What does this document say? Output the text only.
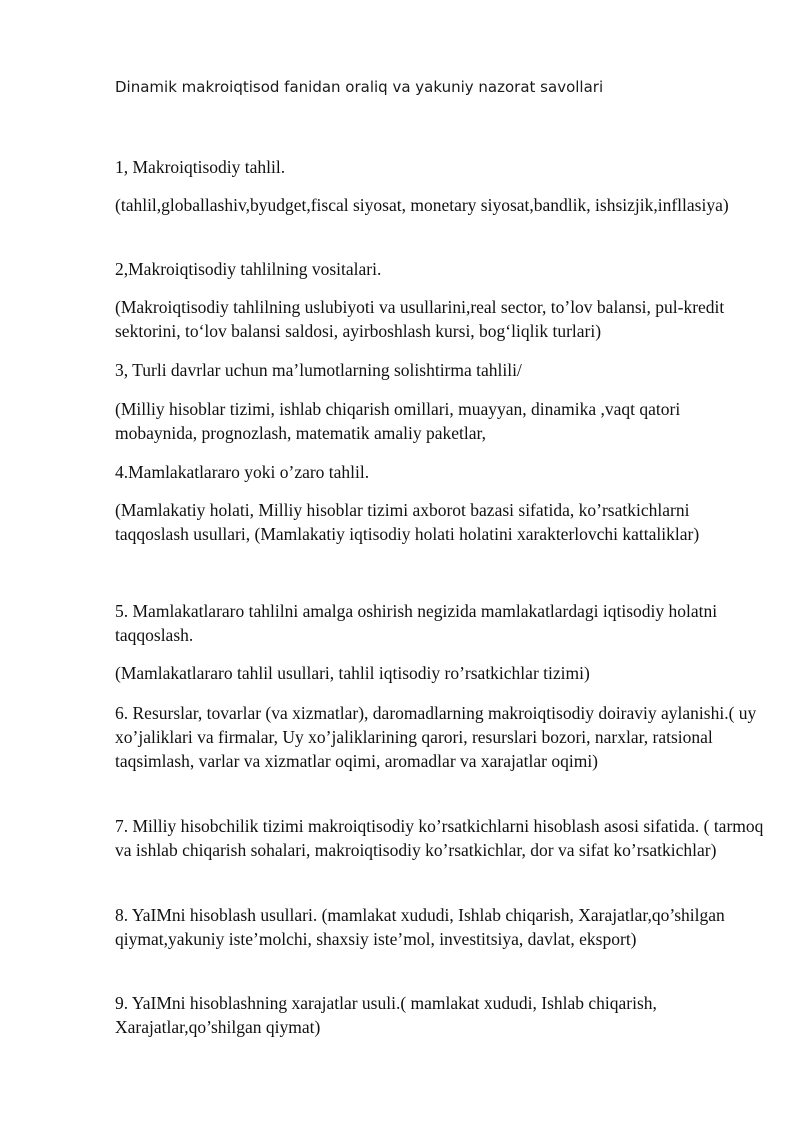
Dinamik makroiqtisod fanidan oraliq va yakuniy nazorat savollari

1, Makroiqtisodiy tahlil.

(tahlil,globallashiv,byudget,fiscal siyosat, monetary siyosat,bandlik, ishsizjik,infllasiya)

2,Makroiqtisodiy tahlilning vositalari.

(Makroiqtisodiy tahlilning uslubiyoti va usullarini,real sector, to’lov balansi, pul-kredit sektorini, to‘lov balansi saldosi, ayirboshlash kursi, bog‘liqlik turlari)

3, Turli davrlar uchun ma’lumotlarning solishtirma tahlili/

(Milliy hisoblar tizimi, ishlab chiqarish omillari, muayyan, dinamika ,vaqt qatori mobaynida, prognozlash, matematik amaliy paketlar,

4.Mamlakatlararo yoki o’zaro tahlil.

(Mamlakatiy holati, Milliy hisoblar tizimi axborot bazasi sifatida, ko’rsatkichlarni taqqoslash usullari, (Mamlakatiy iqtisodiy holati holatini xarakterlovchi kattaliklar)

5. Mamlakatlararo tahlilni amalga oshirish negizida mamlakatlardagi iqtisodiy holatni taqqoslash.

(Mamlakatlararo tahlil usullari, tahlil iqtisodiy ro’rsatkichlar tizimi)

6. Resurslar, tovarlar (va xizmatlar), daromadlarning makroiqtisodiy doiraviy aylanishi.( uy xo’jaliklari va firmalar, Uy xo’jaliklarining qarori, resurslari bozori, narxlar, ratsional taqsimlash, varlar va xizmatlar oqimi, aromadlar va xarajatlar oqimi)

7. Milliy hisobchilik tizimi makroiqtisodiy ko’rsatkichlarni hisoblash asosi sifatida. ( tarmoq va ishlab chiqarish sohalari, makroiqtisodiy ko’rsatkichlar, dor va sifat ko’rsatkichlar)

8. YaIMni hisoblash usullari. (mamlakat xududi, Ishlab chiqarish, Xarajatlar,qo’shilgan qiymat,yakuniy iste’molchi, shaxsiy iste’mol, investitsiya, davlat, eksport)

9. YaIMni hisoblashning xarajatlar usuli.( mamlakat xududi, Ishlab chiqarish, Xarajatlar,qo’shilgan qiymat)
